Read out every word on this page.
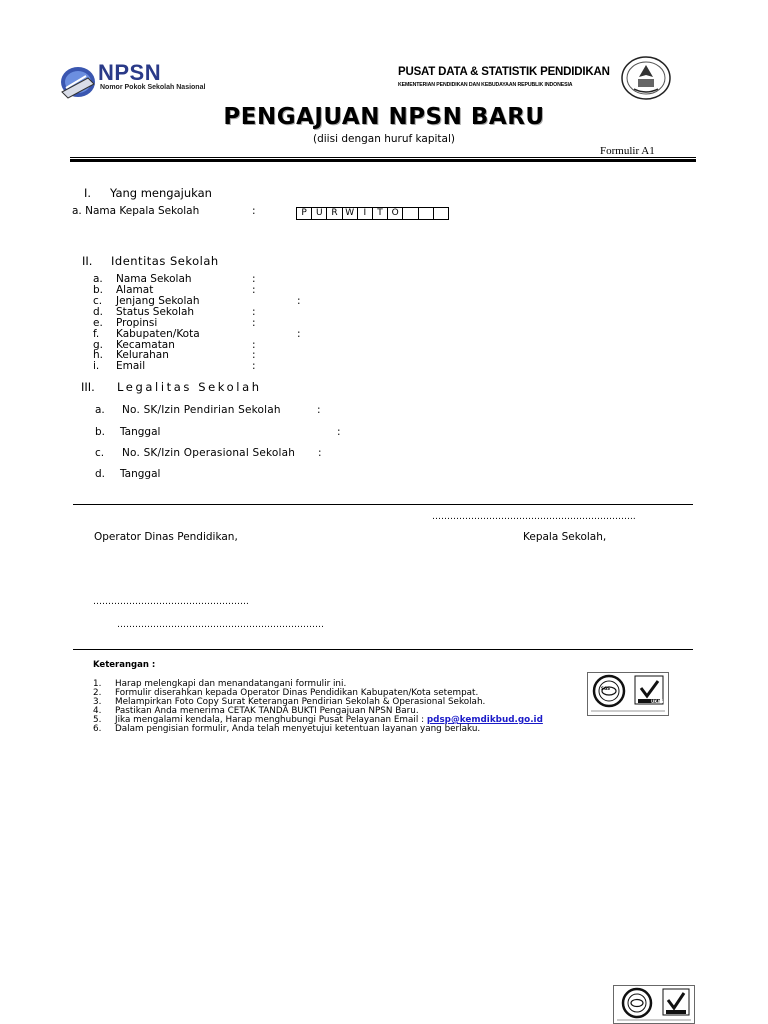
NPSN
Nomor Pokok Sekolah Nasional
PUSAT DATA & STATISTIK PENDIDIKAN
KEMENTERIAN PENDIDIKAN DAN KEBUDAYAAN REPUBLIK INDONESIA
PENGAJUAN NPSN BARU
(diisi dengan huruf kapital)
Formulir A1
I. Yang mengajukan
a. Nama Kepala Sekolah	:	P	U R W	I	T O
II. Identitas Sekolah
a. Nama Sekolah	:
b. Alamat	:
c. Jenjang Sekolah	:
d. Status Sekolah	:
e. Propinsi	:
f. Kabupaten/Kota	:
g. Kecamatan	:
h. Kelurahan	:
i. Email	:
III. Legalitas Sekolah
a. No. SK/Izin Pendirian Sekolah	:
b. Tanggal	:
c. No. SK/Izin Operasional Sekolah :
d. Tanggal
…………………………………………………………..
Operator Dinas Pendidikan,	Kepala Sekolah,
…………………………………………….
……………………………………………………………
Keterangan :
1. Harap melengkapi dan menandatangani formulir ini.
2. Formulir diserahkan kepada Operator Dinas Pendidikan Kabupaten/Kota setempat.
3. Melampirkan Foto Copy Surat Keterangan Pendirian Sekolah & Operasional Sekolah.
4. Pastikan Anda menerima CETAK TANDA BUKTI Pengajuan NPSN Baru.
5. Jika mengalami kendala, Harap menghubungi Pusat Pelayanan Email : pdsp@kemdikbud.go.id
6. Dalam pengisian formulir, Anda telah menyetujui ketentuan layanan yang berlaku.
SGS
UKAS
